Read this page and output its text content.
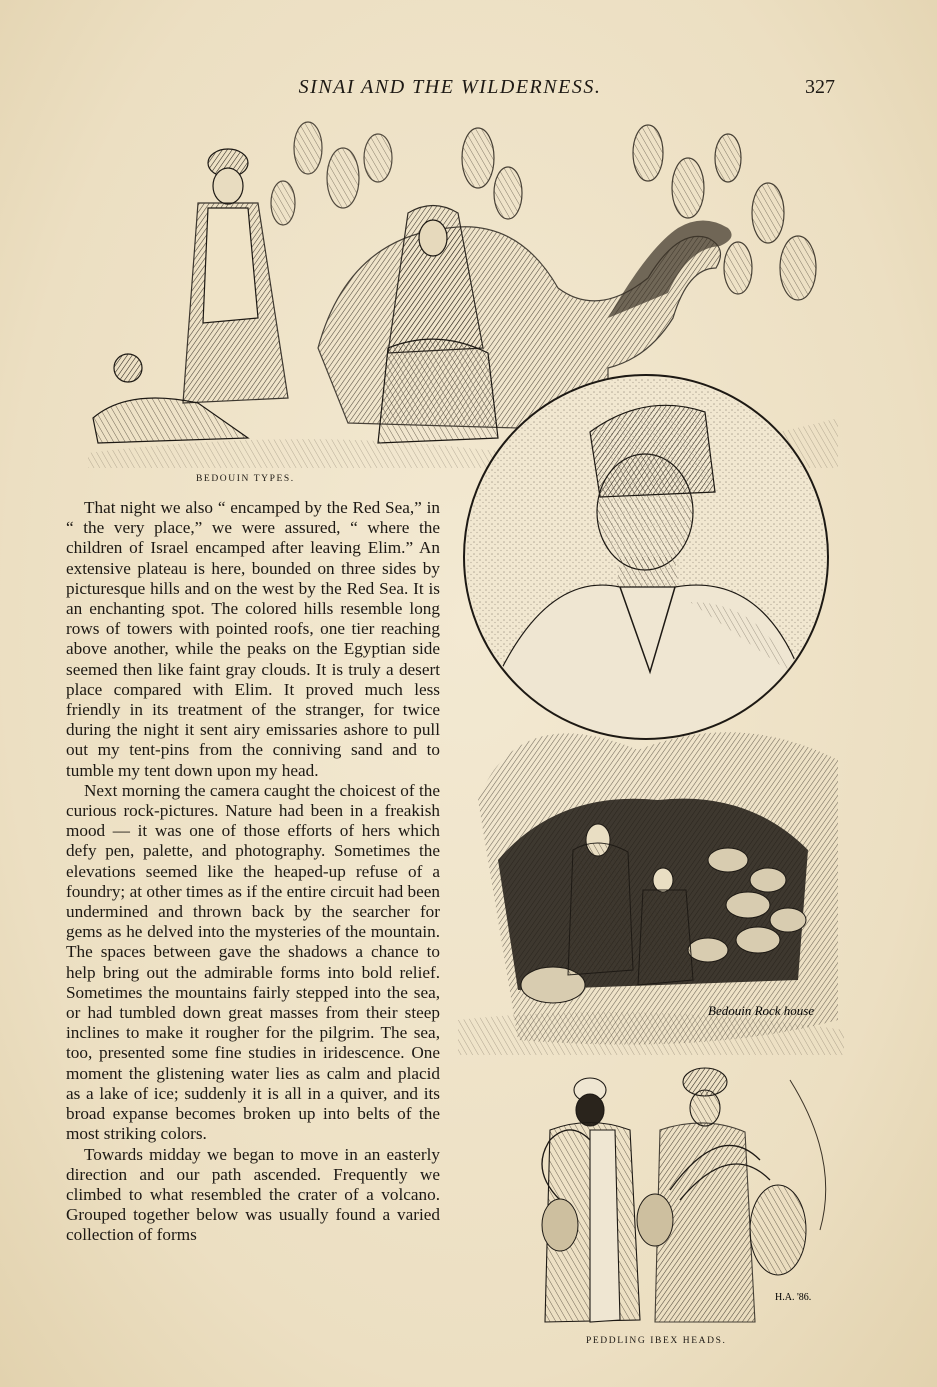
SINAI AND THE WILDERNESS.	327
BEDOUIN TYPES.
Bedouin Rock house
H.A. '86.
PEDDLING IBEX HEADS.

That night we also “ encamped by the Red Sea,” in “ the very place,” we were assured, “ where the children of Israel encamped after leaving Elim.” An extensive plateau is here, bounded on three sides by picturesque hills and on the west by the Red Sea. It is an enchanting spot. The colored hills resemble long rows of towers with pointed roofs, one tier reaching above another, while the peaks on the Egyptian side seemed then like faint gray clouds. It is truly a desert place compared with Elim. It proved much less friendly in its treatment of the stranger, for twice during the night it sent airy emissaries ashore to pull out my tent-pins from the conniving sand and to tumble my tent down upon my head.

Next morning the camera caught the choicest of the curious rock-pictures. Nature had been in a freakish mood — it was one of those efforts of hers which defy pen, palette, and photography. Sometimes the elevations seemed like the heaped-up refuse of a foundry; at other times as if the entire circuit had been undermined and thrown back by the searcher for gems as he delved into the mysteries of the mountain. The spaces between gave the shadows a chance to help bring out the admirable forms into bold relief. Sometimes the mountains fairly stepped into the sea, or had tumbled down great masses from their steep inclines to make it rougher for the pilgrim. The sea, too, presented some fine studies in iridescence. One moment the glistening water lies as calm and placid as a lake of ice; suddenly it is all in a quiver, and its broad expanse becomes broken up into belts of the most striking colors.

Towards midday we began to move in an easterly direction and our path ascended. Frequently we climbed to what resembled the crater of a volcano. Grouped together below was usually found a varied collection of forms
